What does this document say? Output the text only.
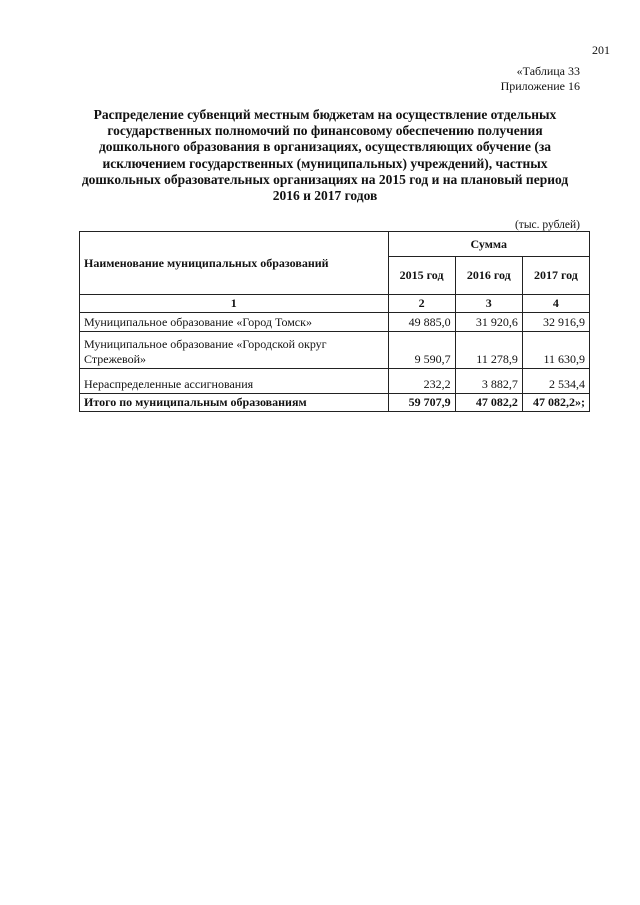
201
«Таблица 33
Приложение 16
Распределение субвенций местным бюджетам на осуществление отдельных государственных полномочий по финансовому обеспечению получения дошкольного образования в организациях, осуществляющих обучение (за исключением государственных (муниципальных) учреждений), частных дошкольных образовательных организациях на 2015 год и на плановый период 2016 и 2017 годов
(тыс. рублей)
Наименование муниципальных образований	Сумма		
	2015 год	2016 год	2017 год
1	2	3	4
Муниципальное образование «Город Томск»	49 885,0	31 920,6	32 916,9
Муниципальное образование «Городской округ Стрежевой»	9 590,7	11 278,9	11 630,9
Нераспределенные ассигнования	232,2	3 882,7	2 534,4
Итого по муниципальным образованиям	59 707,9	47 082,2	47 082,2»;
